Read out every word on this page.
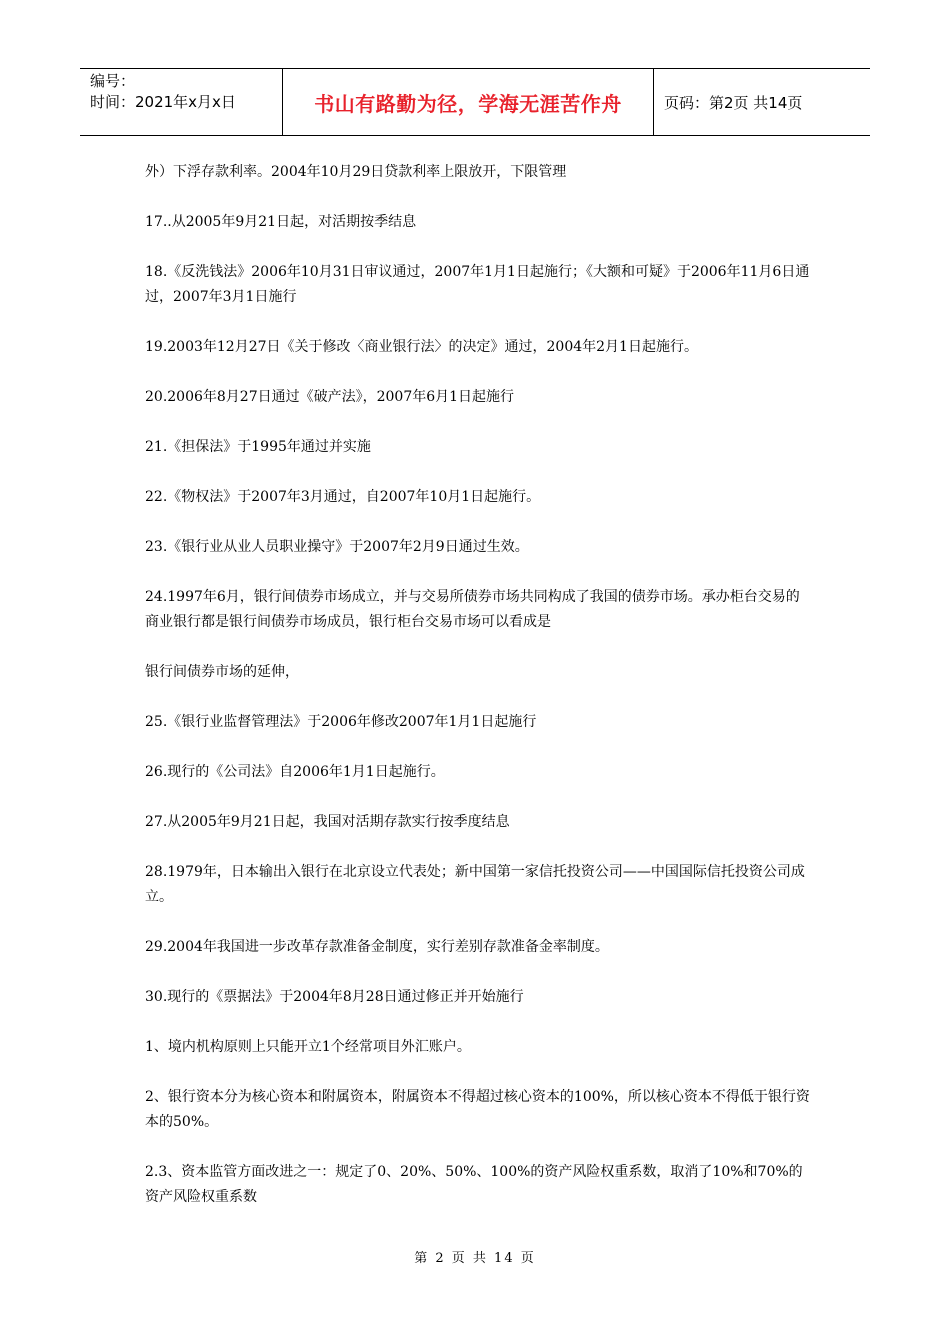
编号：
时间：2021年x月x日	书山有路勤为径，学海无涯苦作舟	页码：第2页 共14页

外）下浮存款利率。2004年10月29日贷款利率上限放开，下限管理

17..从2005年9月21日起，对活期按季结息

18.《反洗钱法》2006年10月31日审议通过，2007年1月1日起施行；《大额和可疑》于2006年11月6日通过，2007年3月1日施行

19.2003年12月27日《关于修改〈商业银行法〉的决定》通过，2004年2月1日起施行。

20.2006年8月27日通过《破产法》，2007年6月1日起施行

21.《担保法》于1995年通过并实施

22.《物权法》于2007年3月通过，自2007年10月1日起施行。

23.《银行业从业人员职业操守》于2007年2月9日通过生效。

24.1997年6月，银行间债券市场成立，并与交易所债券市场共同构成了我国的债券市场。承办柜台交易的商业银行都是银行间债券市场成员，银行柜台交易市场可以看成是

银行间债券市场的延伸，

25.《银行业监督管理法》于2006年修改2007年1月1日起施行

26.现行的《公司法》自2006年1月1日起施行。

27.从2005年9月21日起，我国对活期存款实行按季度结息

28.1979年，日本输出入银行在北京设立代表处；新中国第一家信托投资公司——中国国际信托投资公司成立。

29.2004年我国进一步改革存款准备金制度，实行差别存款准备金率制度。

30.现行的《票据法》于2004年8月28日通过修正并开始施行

1、境内机构原则上只能开立1个经常项目外汇账户。

2、银行资本分为核心资本和附属资本，附属资本不得超过核心资本的100%，所以核心资本不得低于银行资本的50%。

2.3、资本监管方面改进之一：规定了0、20%、50%、100%的资产风险权重系数，取消了10%和70%的资产风险权重系数

第 2 页 共 14 页
